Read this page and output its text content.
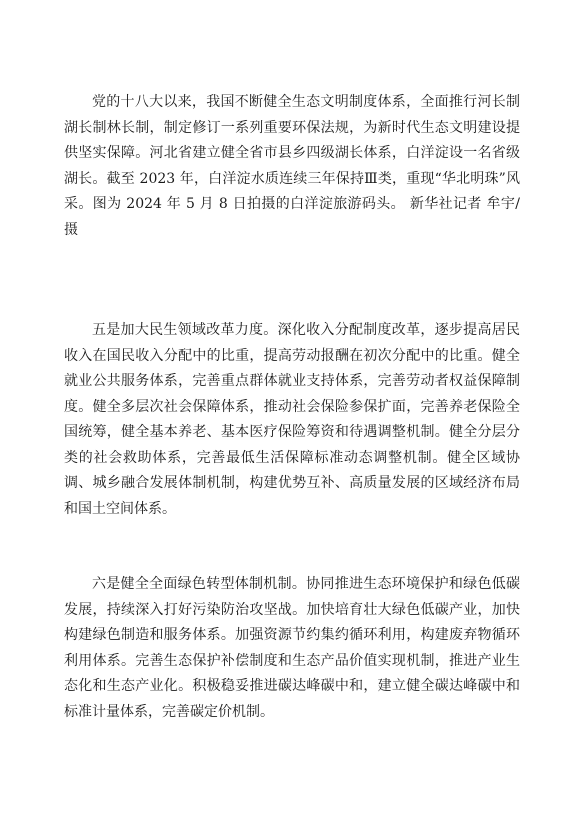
党的十八大以来，我国不断健全生态文明制度体系，全面推行河长制湖长制林长制，制定修订一系列重要环保法规，为新时代生态文明建设提供坚实保障。河北省建立健全省市县乡四级湖长体系，白洋淀设一名省级湖长。截至 2023 年，白洋淀水质连续三年保持Ⅲ类，重现“华北明珠”风采。图为 2024 年 5 月 8 日拍摄的白洋淀旅游码头。 新华社记者 牟宇/摄

五是加大民生领域改革力度。深化收入分配制度改革，逐步提高居民收入在国民收入分配中的比重，提高劳动报酬在初次分配中的比重。健全就业公共服务体系，完善重点群体就业支持体系，完善劳动者权益保障制度。健全多层次社会保障体系，推动社会保险参保扩面，完善养老保险全国统筹，健全基本养老、基本医疗保险筹资和待遇调整机制。健全分层分类的社会救助体系，完善最低生活保障标准动态调整机制。健全区域协调、城乡融合发展体制机制，构建优势互补、高质量发展的区域经济布局和国土空间体系。

六是健全全面绿色转型体制机制。协同推进生态环境保护和绿色低碳发展，持续深入打好污染防治攻坚战。加快培育壮大绿色低碳产业，加快构建绿色制造和服务体系。加强资源节约集约循环利用，构建废弃物循环利用体系。完善生态保护补偿制度和生态产品价值实现机制，推进产业生态化和生态产业化。积极稳妥推进碳达峰碳中和，建立健全碳达峰碳中和标准计量体系，完善碳定价机制。
